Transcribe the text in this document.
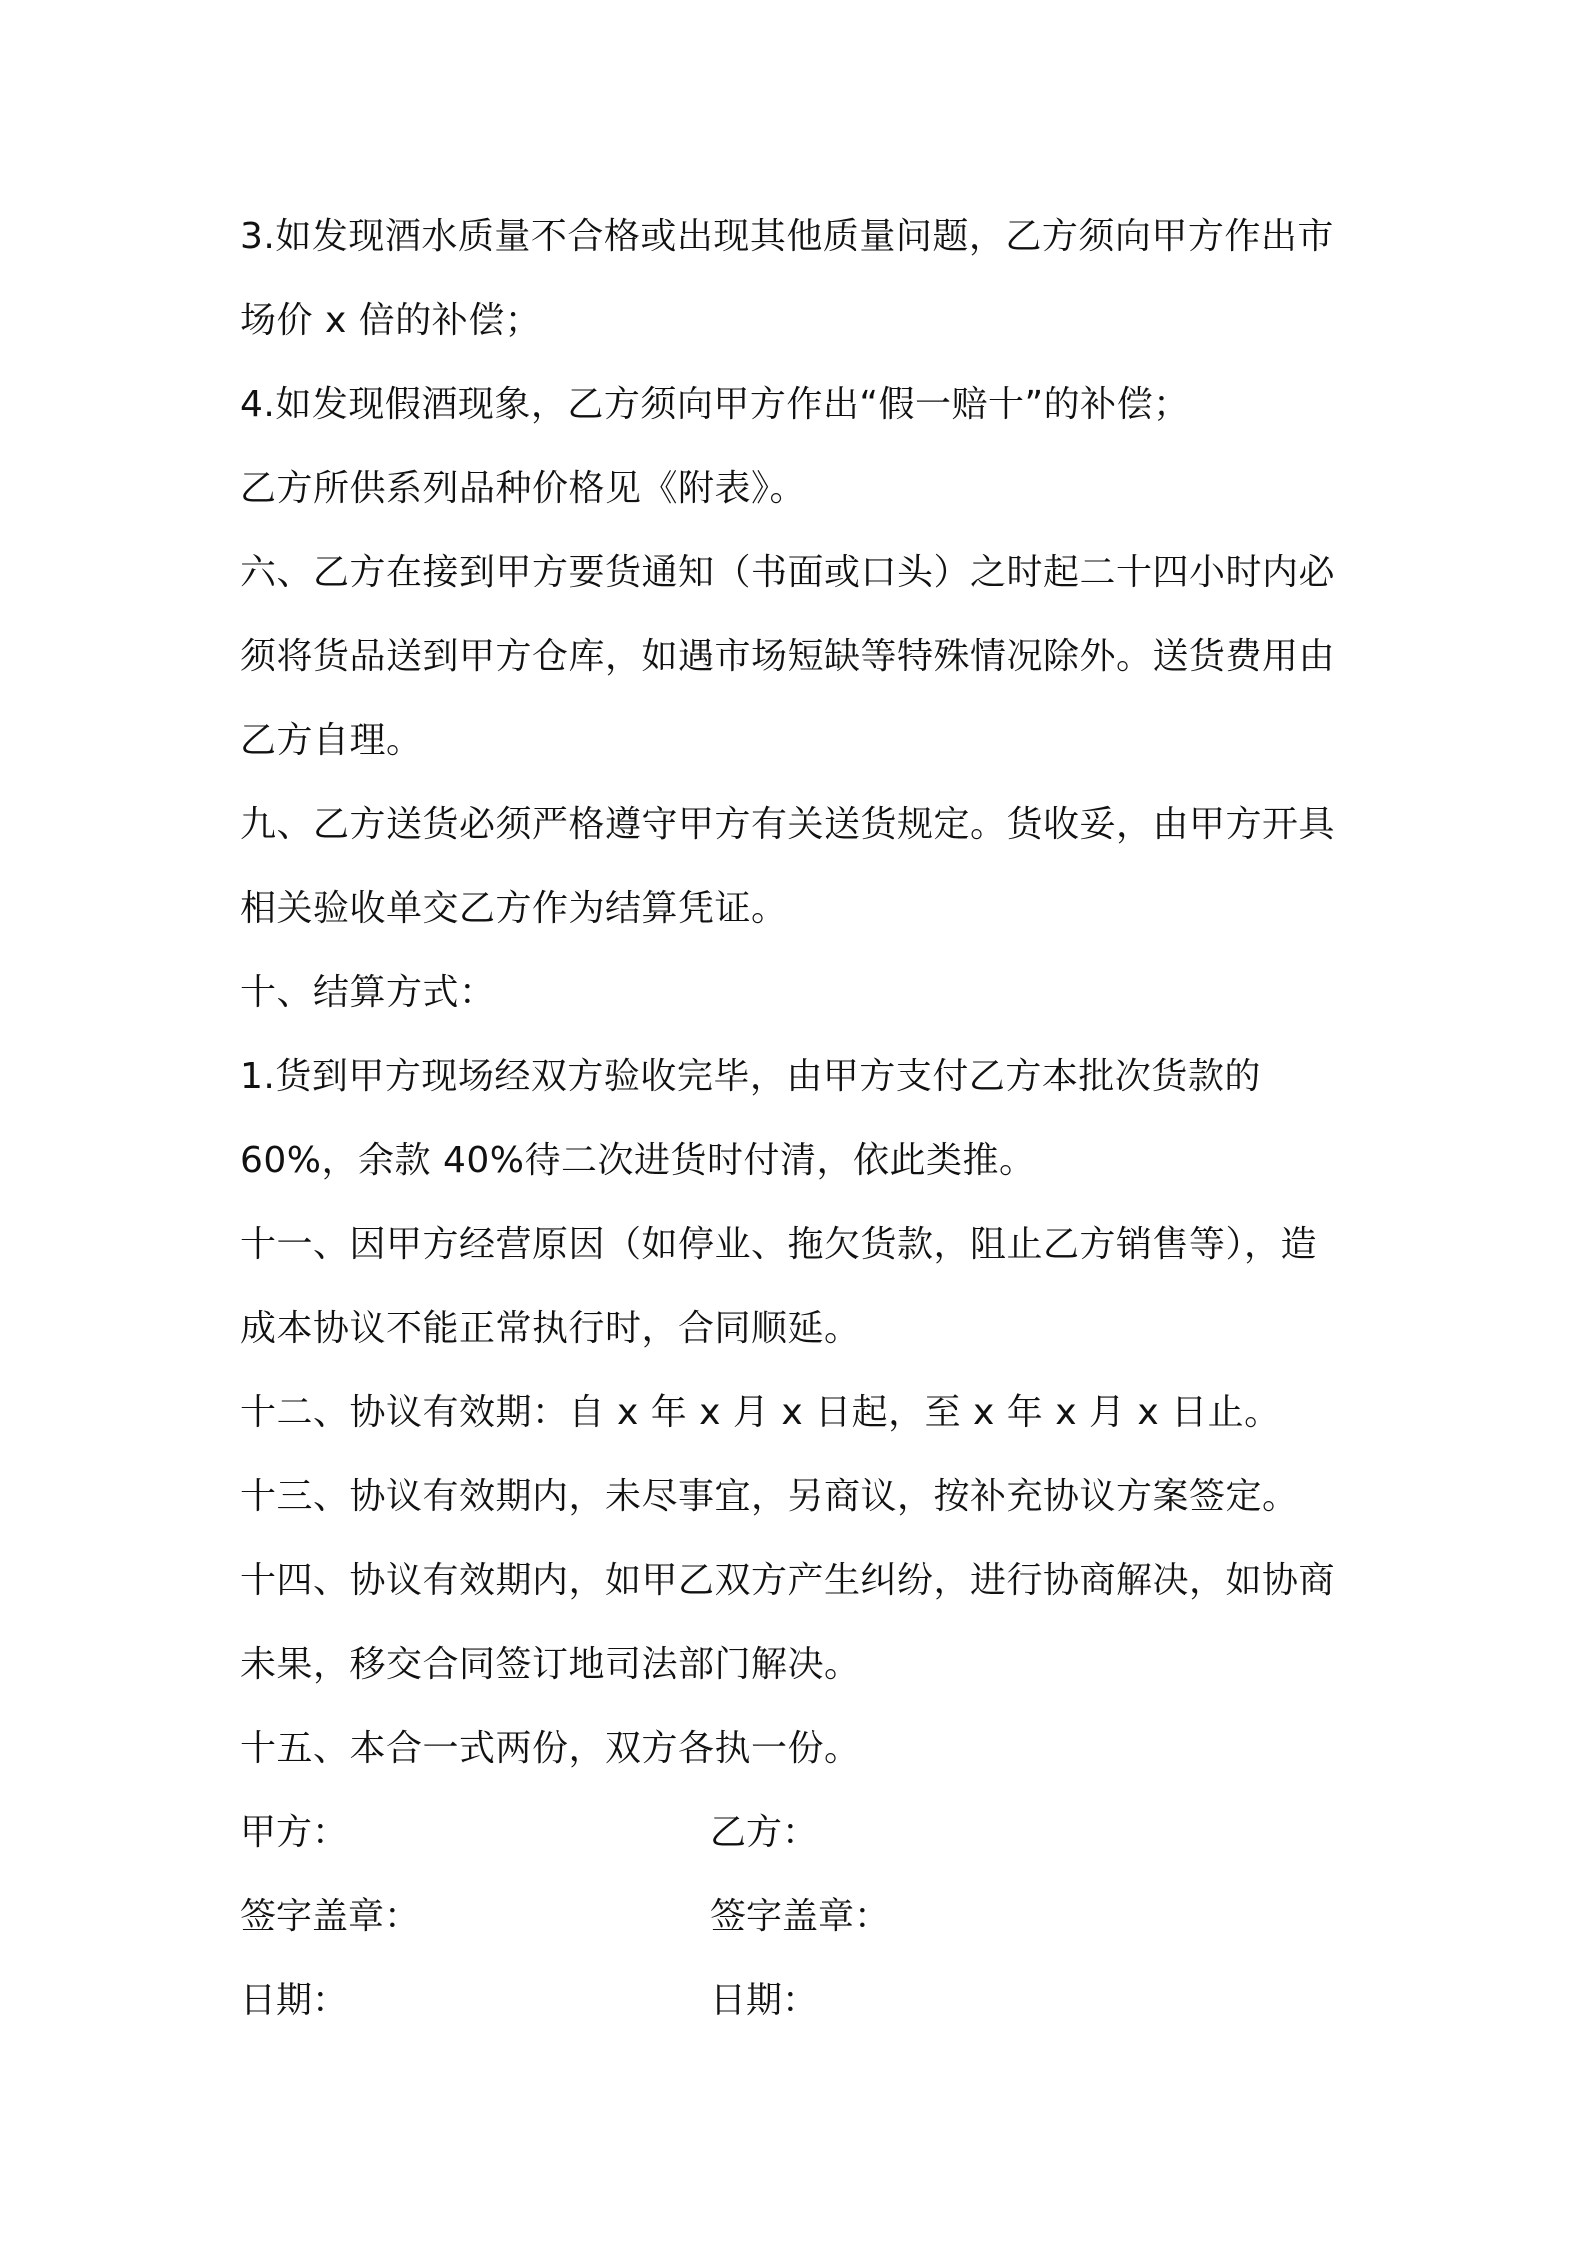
3.如发现酒水质量不合格或出现其他质量问题，乙方须向甲方作出市
场价 x 倍的补偿；
4.如发现假酒现象，乙方须向甲方作出“假一赔十”的补偿；
乙方所供系列品种价格见《附表》。
六、乙方在接到甲方要货通知（书面或口头）之时起二十四小时内必
须将货品送到甲方仓库，如遇市场短缺等特殊情况除外。送货费用由
乙方自理。
九、乙方送货必须严格遵守甲方有关送货规定。货收妥，由甲方开具
相关验收单交乙方作为结算凭证。
十、结算方式：
1.货到甲方现场经双方验收完毕，由甲方支付乙方本批次货款的
60%，余款 40%待二次进货时付清，依此类推。
十一、因甲方经营原因（如停业、拖欠货款，阻止乙方销售等），造
成本协议不能正常执行时，合同顺延。
十二、协议有效期：自 x 年 x 月 x 日起，至 x 年 x 月 x 日止。
十三、协议有效期内，未尽事宜，另商议，按补充协议方案签定。
十四、协议有效期内，如甲乙双方产生纠纷，进行协商解决，如协商
未果，移交合同签订地司法部门解决。
十五、本合一式两份，双方各执一份。
甲方：	乙方：
签字盖章：	签字盖章：
日期：	日期：
